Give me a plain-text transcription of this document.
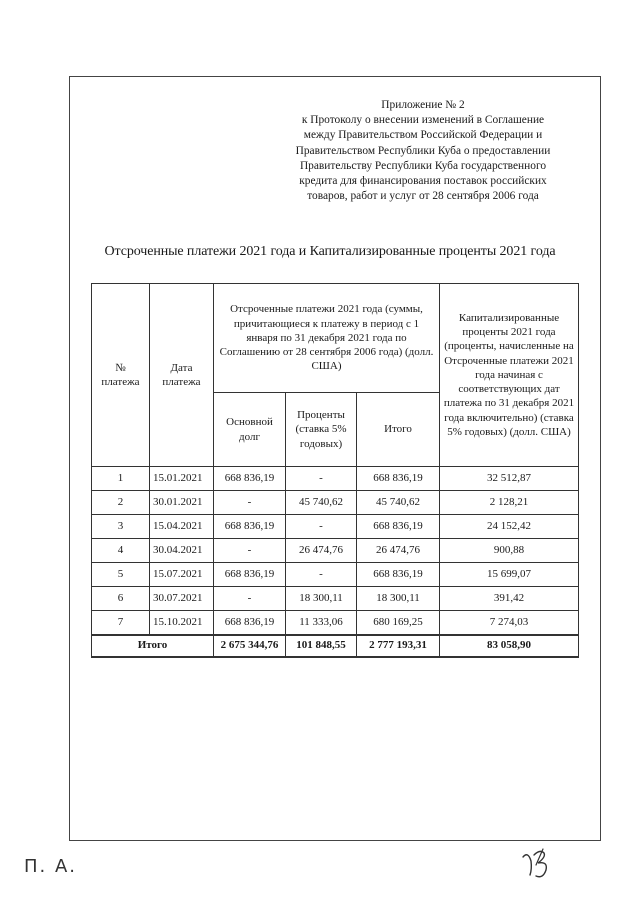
Приложение № 2
к Протоколу о внесении изменений в Соглашение между Правительством Российской Федерации и Правительством Республики Куба о предоставлении Правительству Республики Куба государственного кредита для финансирования поставок российских товаров, работ и услуг от 28 сентября 2006 года
Отсроченные платежи 2021 года и Капитализированные проценты 2021 года
№ платежа	Дата платежа	Отсроченные платежи 2021 года (суммы, причитающиеся к платежу в период с 1 января по 31 декабря 2021 года по Соглашению от 28 сентября 2006 года) (долл. США)			Капитализированные проценты 2021 года (проценты, начисленные на Отсроченные платежи 2021 года начиная с соответствующих дат платежа по 31 декабря 2021 года включительно) (ставка 5% годовых) (долл. США)
		Основной долг	Проценты (ставка 5% годовых)	Итого	
1	15.01.2021	668 836,19	-	668 836,19	32 512,87
2	30.01.2021	-	45 740,62	45 740,62	2 128,21
3	15.04.2021	668 836,19	-	668 836,19	24 152,42
4	30.04.2021	-	26 474,76	26 474,76	900,88
5	15.07.2021	668 836,19	-	668 836,19	15 699,07
6	30.07.2021	-	18 300,11	18 300,11	391,42
7	15.10.2021	668 836,19	11 333,06	680 169,25	7 274,03
Итого		2 675 344,76	101 848,55	2 777 193,31	83 058,90
П. А.
